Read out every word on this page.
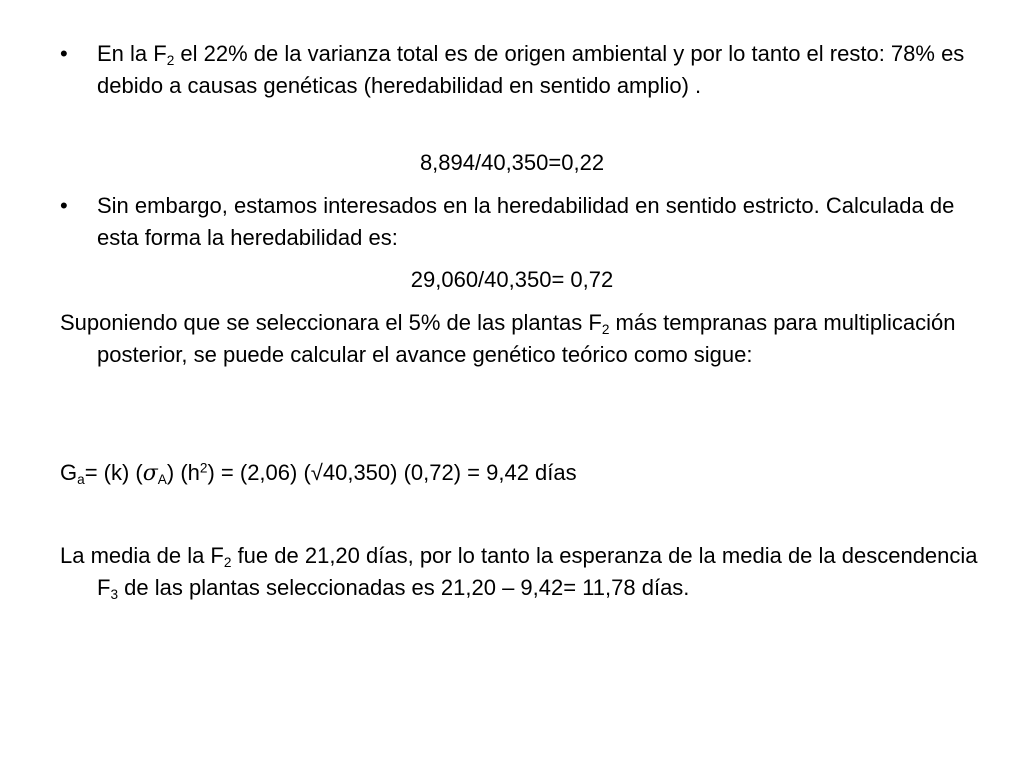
•	En la $F_2$ el 22% de la varianza total es de origen ambiental y por lo tanto el resto: 78% es debido a causas genéticas (heredabilidad en sentido amplio) .
8,894/40,350=0,22
•	Sin embargo, estamos interesados en la heredabilidad en sentido estricto. Calculada de esta forma la heredabilidad es:
29,060/40,350= 0,72
Suponiendo que se seleccionara el 5% de las plantas $F_2$ más tempranas para multiplicación posterior, se puede calcular el avance genético teórico como sigue:
$G_a= (k)$ $(\sigma_A) (h^2) = (2,06)$ (√40,350) (0,72) = 9,42 días
La media de la $F_2$ fue de 21,20 días, por lo tanto la esperanza de la media de la descendencia $F_3$ de las plantas seleccionadas es 21,20 – 9,42= 11,78 días.
